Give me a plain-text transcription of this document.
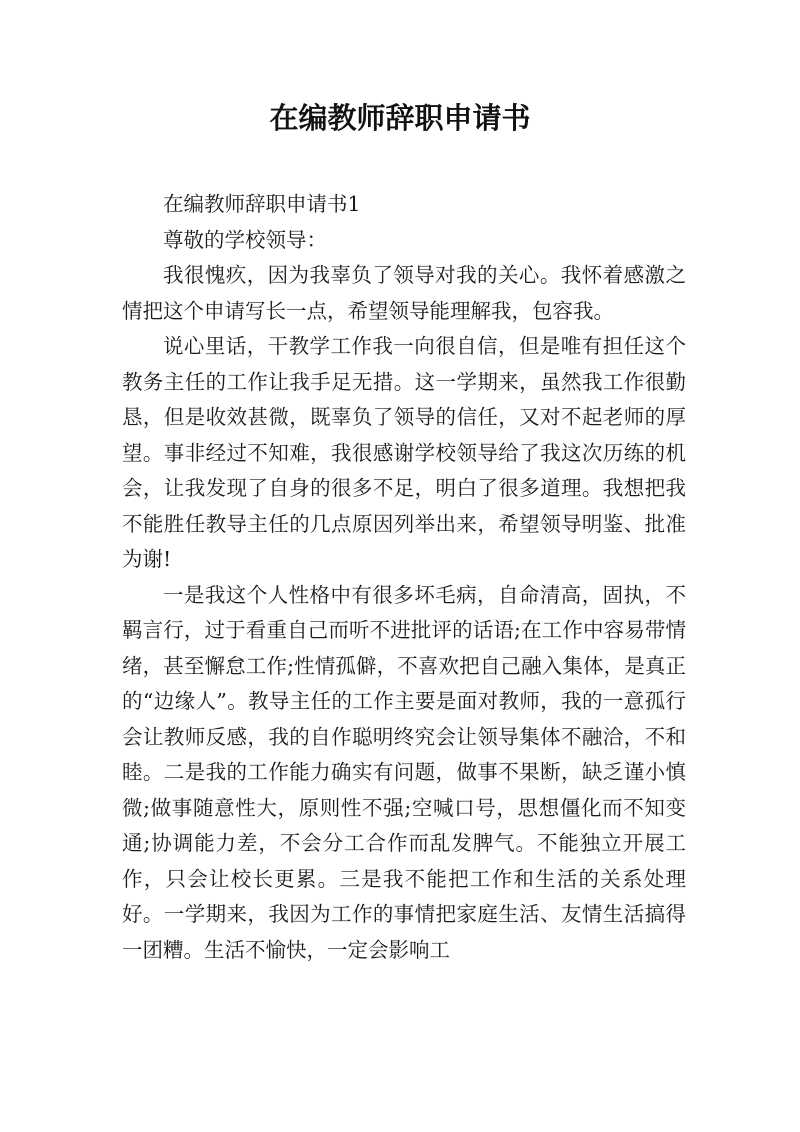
在编教师辞职申请书

在编教师辞职申请书1

尊敬的学校领导：

我很愧疚，因为我辜负了领导对我的关心。我怀着感激之情把这个申请写长一点，希望领导能理解我，包容我。

说心里话，干教学工作我一向很自信，但是唯有担任这个教务主任的工作让我手足无措。这一学期来，虽然我工作很勤恳，但是收效甚微，既辜负了领导的信任，又对不起老师的厚望。事非经过不知难，我很感谢学校领导给了我这次历练的机会，让我发现了自身的很多不足，明白了很多道理。我想把我不能胜任教导主任的几点原因列举出来，希望领导明鉴、批准为谢!

一是我这个人性格中有很多坏毛病，自命清高，固执，不羁言行，过于看重自己而听不进批评的话语;在工作中容易带情绪，甚至懈怠工作;性情孤僻，不喜欢把自己融入集体，是真正的“边缘人”。教导主任的工作主要是面对教师，我的一意孤行会让教师反感，我的自作聪明终究会让领导集体不融洽，不和睦。二是我的工作能力确实有问题，做事不果断，缺乏谨小慎微;做事随意性大，原则性不强;空喊口号，思想僵化而不知变通;协调能力差，不会分工合作而乱发脾气。不能独立开展工作，只会让校长更累。三是我不能把工作和生活的关系处理好。一学期来，我因为工作的事情把家庭生活、友情生活搞得一团糟。生活不愉快，一定会影响工
